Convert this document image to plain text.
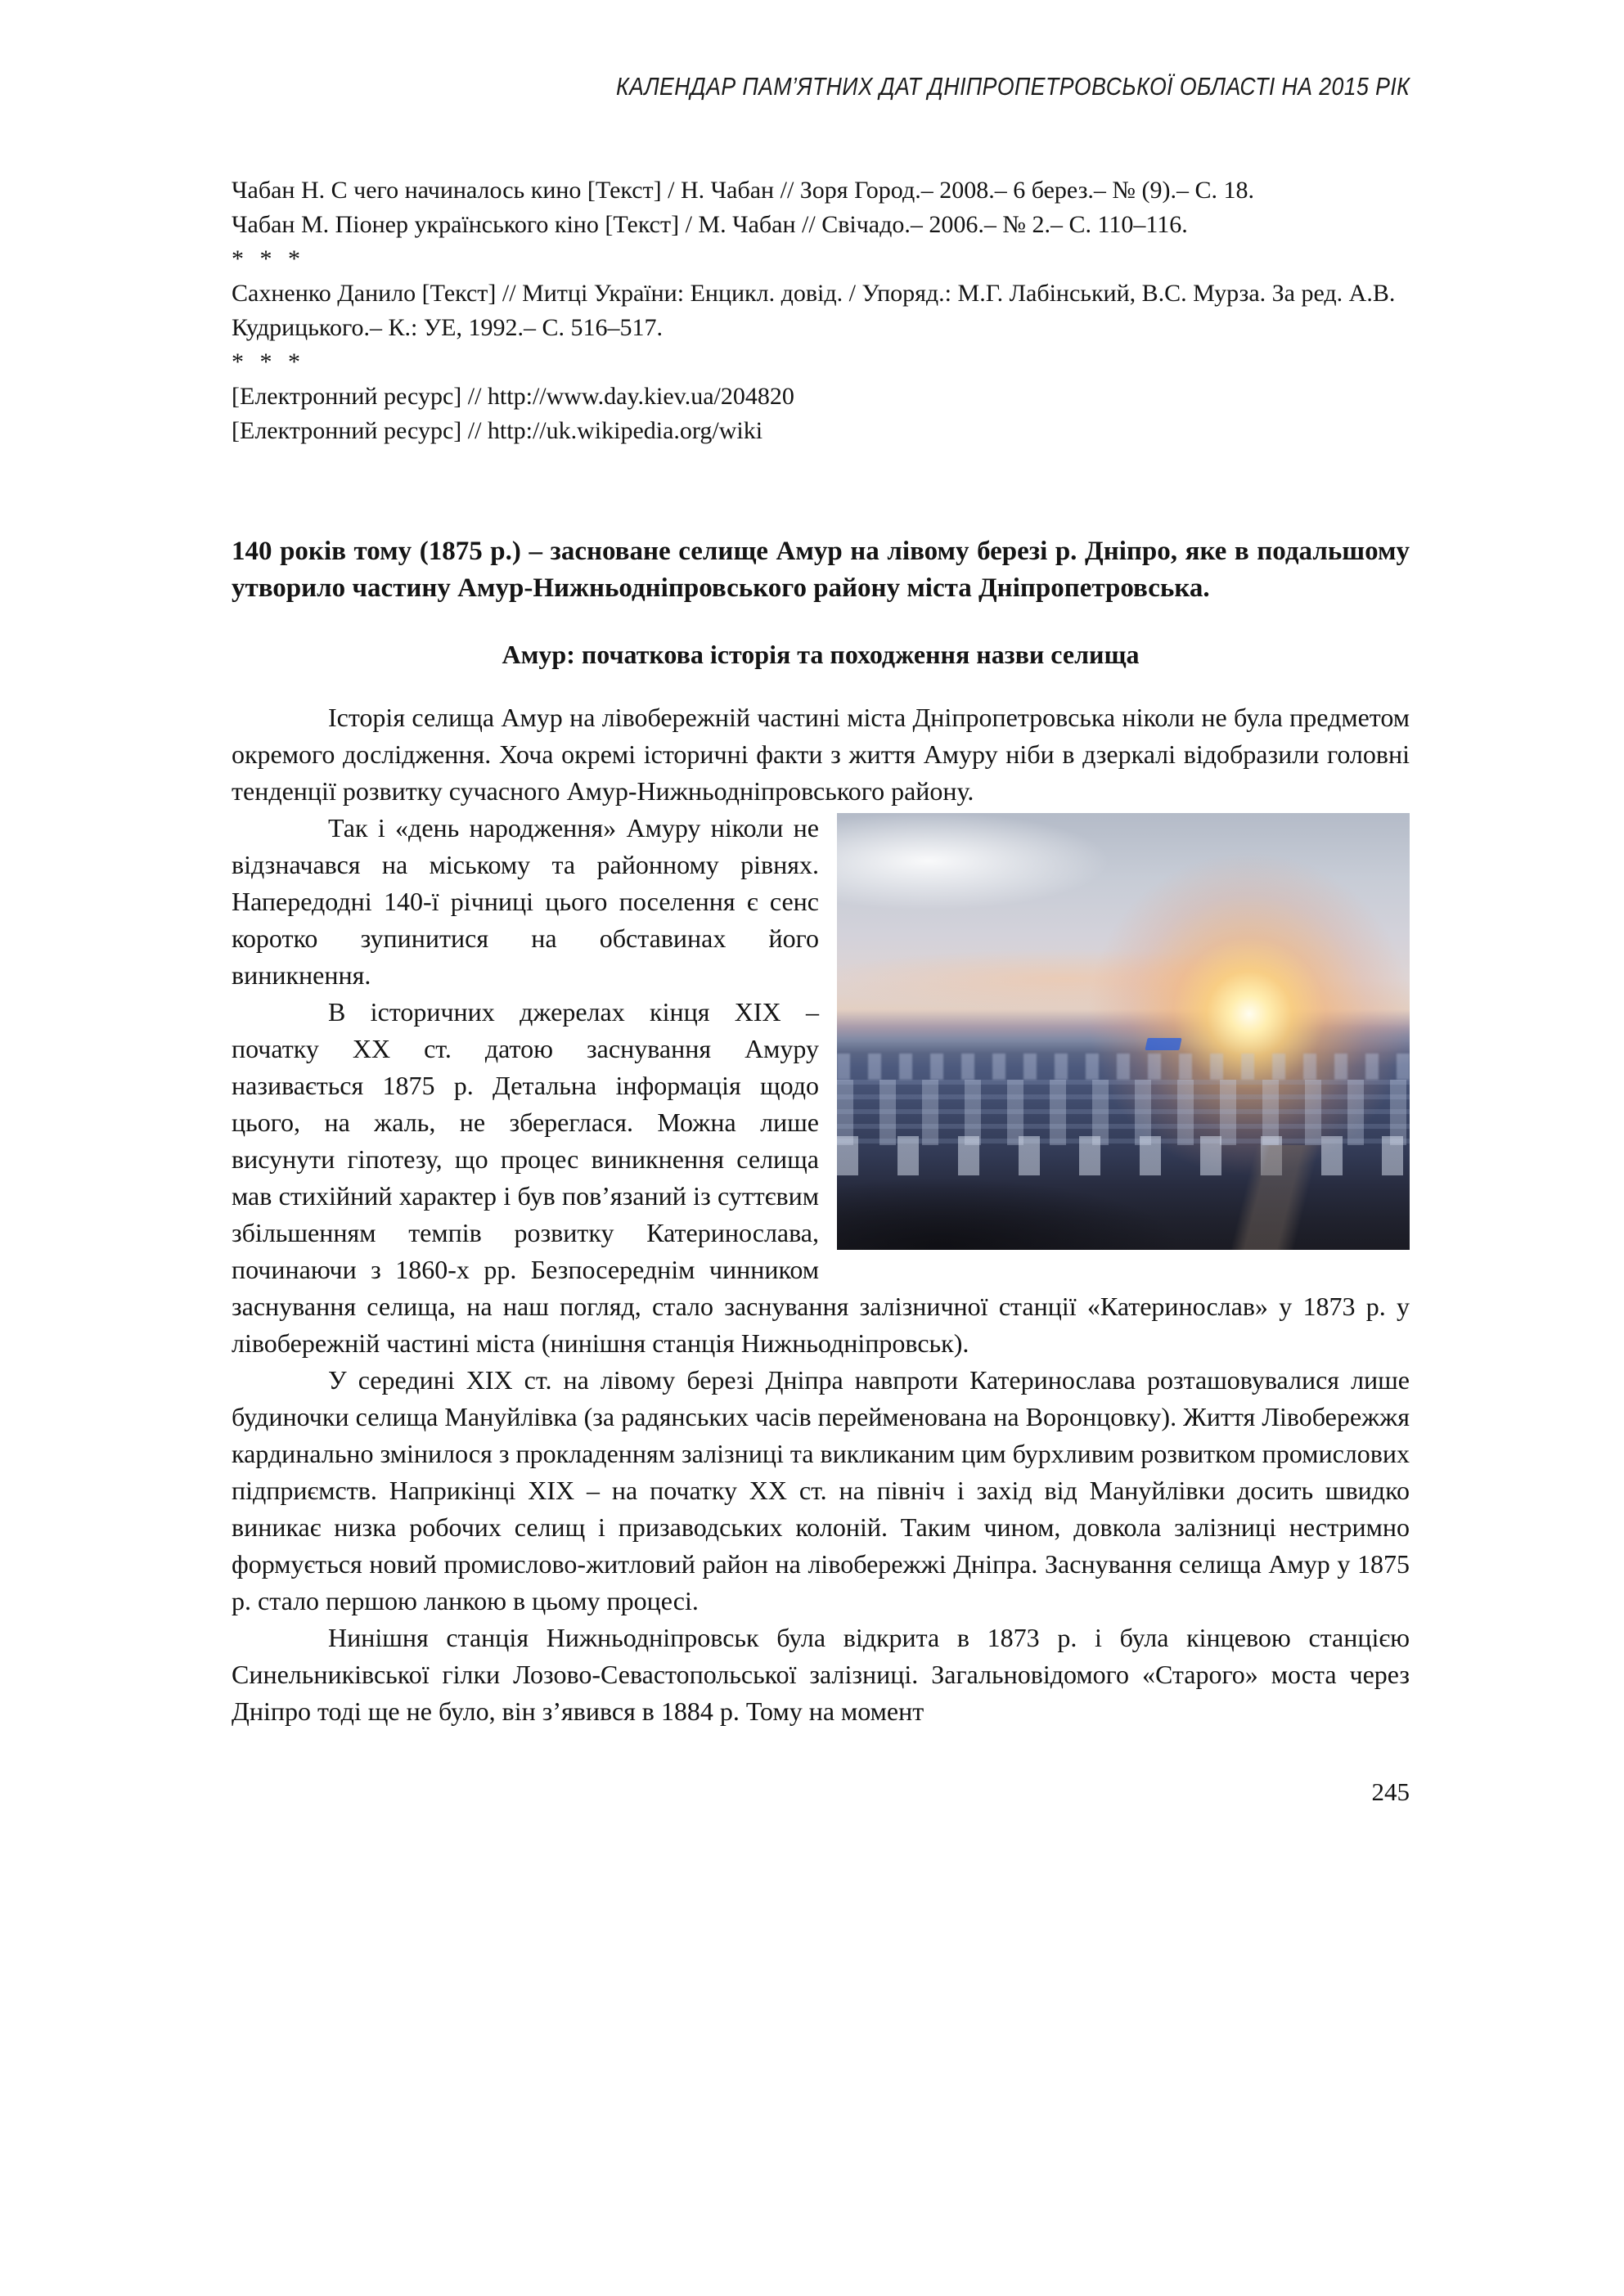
КАЛЕНДАР ПАМ’ЯТНИХ ДАТ ДНІПРОПЕТРОВСЬКОЇ ОБЛАСТІ НА 2015 РІК
Чабан Н. С чего начиналось кино [Текст] / Н. Чабан // Зоря Город.– 2008.– 6 берез.– № (9).– С. 18.
Чабан М. Піонер українського кіно [Текст] / М. Чабан // Свічадо.– 2006.– № 2.– С. 110–116.
* * *
Сахненко Данило [Текст] // Митці України: Енцикл. довід. / Упоряд.: М.Г. Лабінський, В.С. Мурза. За ред. А.В. Кудрицького.– К.: УЕ, 1992.– С. 516–517.
* * *
[Електронний ресурс] // http://www.day.kiev.ua/204820
[Електронний ресурс] // http://uk.wikipedia.org/wiki
140 років тому (1875 р.) – засноване селище Амур на лівому березі р. Дніпро, яке в подальшому утворило частину Амур-Нижньодніпровського району міста Дніпропетровська.
Амур: початкова історія та походження назви селища

Історія селища Амур на лівобережній частині міста Дніпропетровська ніколи не була предметом окремого дослідження. Хоча окремі історичні факти з життя Амуру ніби в дзеркалі відобразили головні тенденції розвитку сучасного Амур-Нижньодніпровського району.

Так і «день народження» Амуру ніколи не відзначався на міському та районному рівнях. Напередодні 140-ї річниці цього поселення є сенс коротко зупинитися на обставинах його виникнення.

В історичних джерелах кінця XIX – початку XX ст. датою заснування Амуру називається 1875 р. Детальна інформація щодо цього, на жаль, не збереглася. Можна лише висунути гіпотезу, що процес виникнення селища мав стихійний характер і був пов’язаний із суттєвим збільшенням темпів розвитку Катеринослава, починаючи з 1860-х рр. Безпосереднім чинником заснування селища, на наш погляд, стало заснування залізничної станції «Катеринослав» у 1873 р. у лівобережній частині міста (нинішня станція Нижньодніпровськ).

У середині XIX ст. на лівому березі Дніпра навпроти Катеринослава розташовувалися лише будиночки селища Мануйлівка (за радянських часів перейменована на Воронцовку). Життя Лівобережжя кардинально змінилося з прокладенням залізниці та викликаним цим бурхливим розвитком промислових підприємств. Наприкінці XIX – на початку XX ст. на північ і захід від Мануйлівки досить швидко виникає низка робочих селищ і призаводських колоній. Таким чином, довкола залізниці нестримно формується новий промислово-житловий район на лівобережжі Дніпра. Заснування селища Амур у 1875 р. стало першою ланкою в цьому процесі.

Нинішня станція Нижньодніпровськ була відкрита в 1873 р. і була кінцевою станцією Синельниківської гілки Лозово-Севастопольської залізниці. Загальновідомого «Старого» моста через Дніпро тоді ще не було, він з’явився в 1884 р. Тому на момент

245
